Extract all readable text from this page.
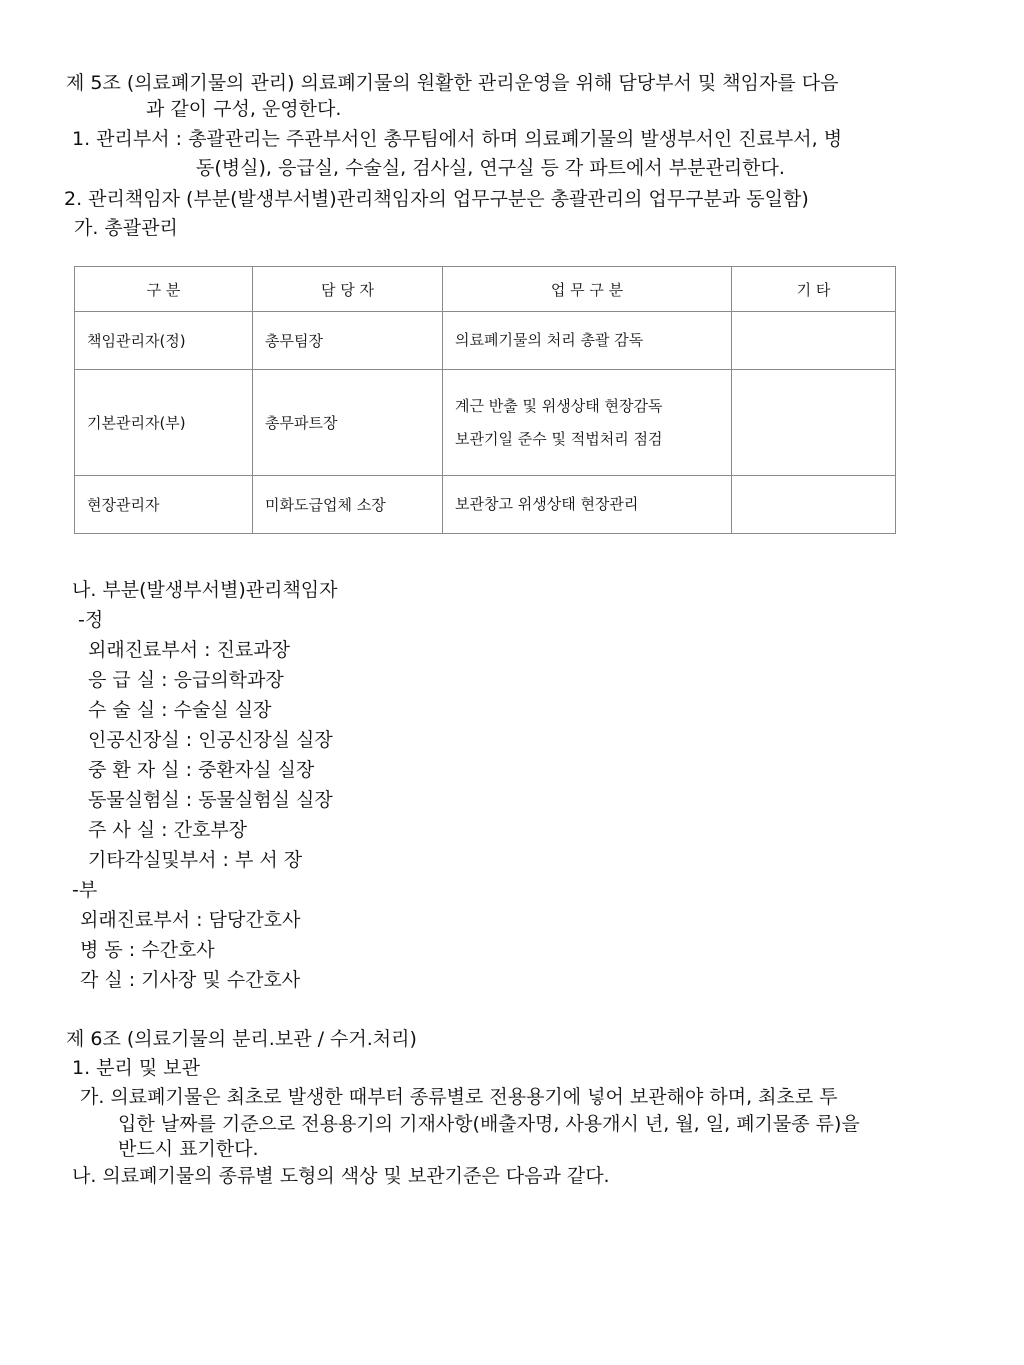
제 5조 (의료폐기물의 관리) 의료폐기물의 원활한 관리운영을 위해 담당부서 및 책임자를 다음
과 같이 구성, 운영한다.
1. 관리부서 : 총괄관리는 주관부서인 총무팀에서 하며 의료폐기물의 발생부서인 진료부서, 병
동(병실), 응급실, 수술실, 검사실, 연구실 등 각 파트에서 부분관리한다.
2. 관리책임자 (부분(발생부서별)관리책임자의 업무구분은 총괄관리의 업무구분과 동일함)
가. 총괄관리
구 분	담 당 자	업 무 구 분	기 타
책임관리자(정)	총무팀장	의료폐기물의 처리 총괄 감독	

기본관리자(부)	총무파트장	계근 반출 및 위생상태 현장감독
보관기일 준수 및 적법처리 점검	

현장관리자	미화도급업체 소장	보관창고 위생상태 현장관리	

나. 부분(발생부서별)관리책임자
-정
외래진료부서 : 진료과장
응 급 실 : 응급의학과장
수 술 실 : 수술실 실장
인공신장실 : 인공신장실 실장
중 환 자 실 : 중환자실 실장
동물실험실 : 동물실험실 실장
주 사 실 : 간호부장
기타각실및부서 : 부 서 장
-부
외래진료부서 : 담당간호사
병 동 : 수간호사
각 실 : 기사장 및 수간호사
제 6조 (의료기물의 분리.보관 / 수거.처리)
1. 분리 및 보관
가. 의료폐기물은 최초로 발생한 때부터 종류별로 전용용기에 넣어 보관해야 하며, 최초로 투
입한 날짜를 기준으로 전용용기의 기재사항(배출자명, 사용개시 년, 월, 일, 폐기물종 류)을
반드시 표기한다.
나. 의료폐기물의 종류별 도형의 색상 및 보관기준은 다음과 같다.
